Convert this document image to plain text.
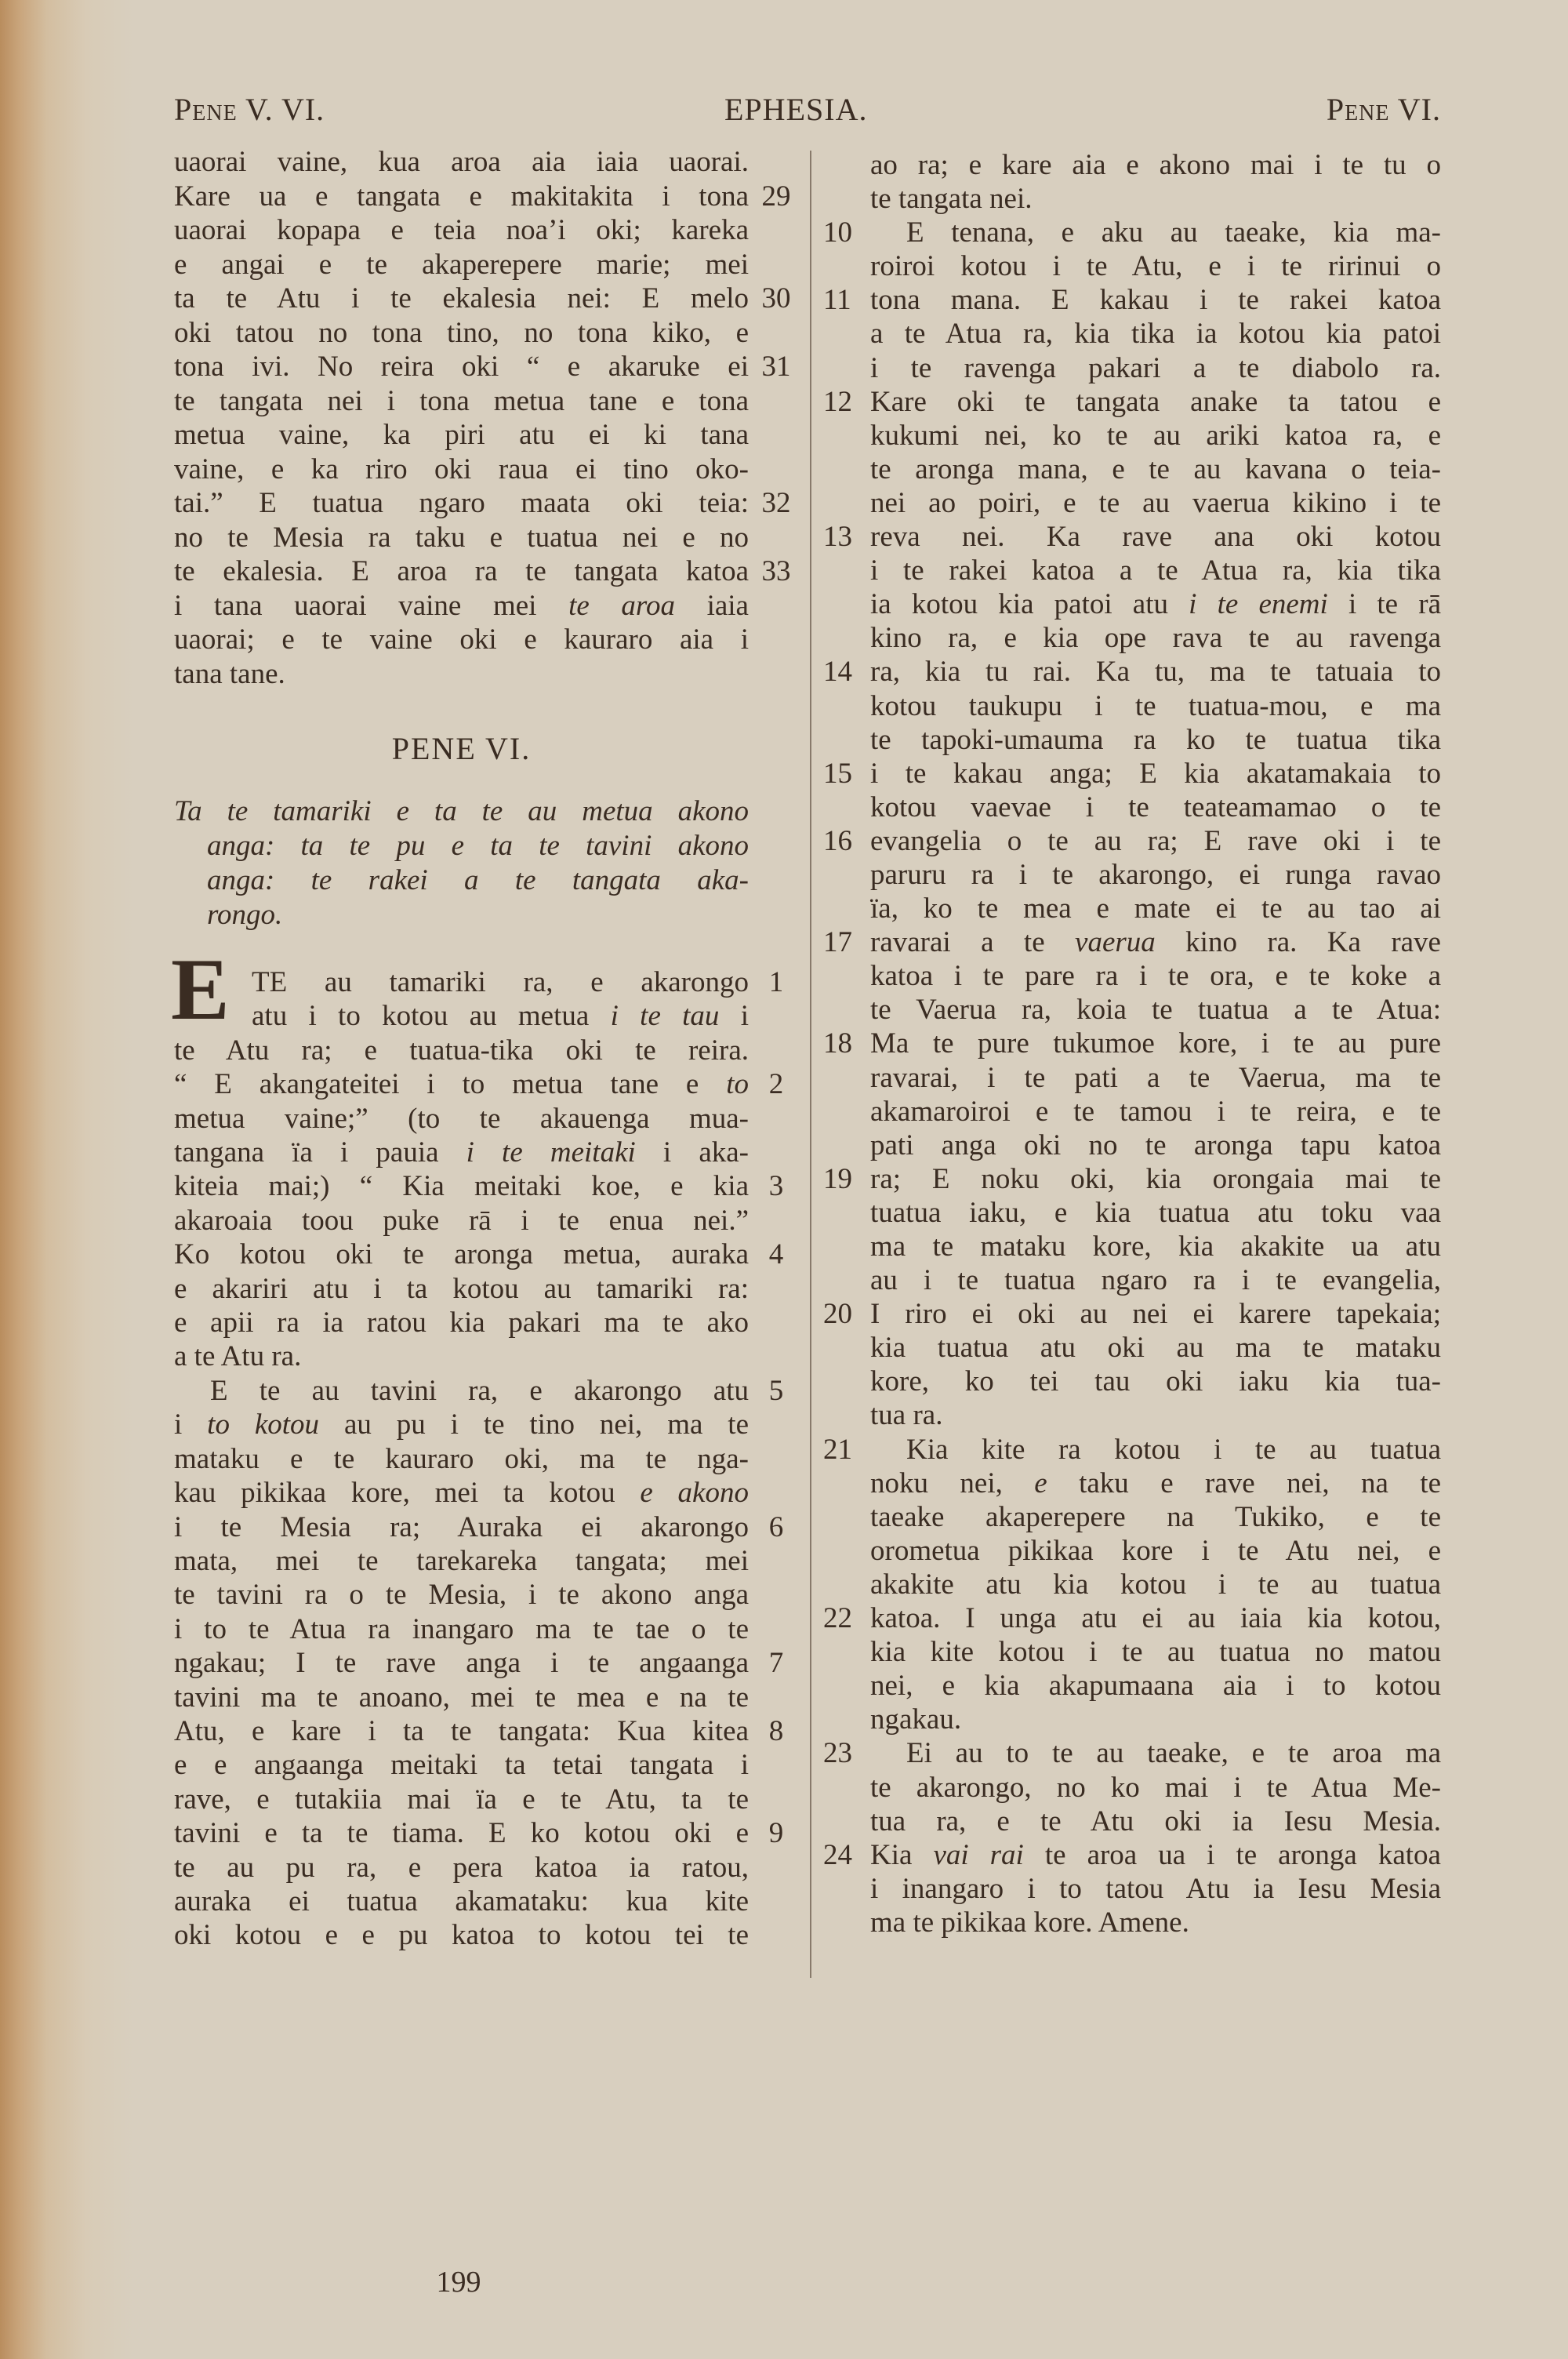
Pene V. VI.	EPHESIA.	Pene VI.
uaorai vaine, kua aroa aia iaia uaorai.
Kare ua e tangata e makitakita i tona 29
uaorai kopapa e teia noa’i oki; kareka
e angai e te akaperepere marie; mei
ta te Atu i te ekalesia nei: E melo 30
oki tatou no tona tino, no tona kiko, e
tona ivi. No reira oki “ e akaruke ei 31
te tangata nei i tona metua tane e tona
metua vaine, ka piri atu ei ki tana
vaine, e ka riro oki raua ei tino oko-
tai.” E tuatua ngaro maata oki teia: 32
no te Mesia ra taku e tuatua nei e no
te ekalesia. E aroa ra te tangata katoa 33
i tana uaorai vaine mei te aroa iaia
uaorai; e te vaine oki e kauraro aia i
tana tane.
PENE VI.
Ta te tamariki e ta te au metua akono
anga: ta te pu e ta te tavini akono
anga: te rakei a te tangata aka-
rongo.
E TE au tamariki ra, e akarongo 1
atu i to kotou au metua i te tau i
te Atu ra; e tuatua-tika oki te reira.
“ E akangateitei i to metua tane e to 2
metua vaine;” (to te akauenga mua-
tangana ïa i pauia i te meitaki i aka-
kiteia mai;) “ Kia meitaki koe, e kia 3
akaroaia toou puke rā i te enua nei.”
Ko kotou oki te aronga metua, auraka 4
e akariri atu i ta kotou au tamariki ra:
e apii ra ia ratou kia pakari ma te ako
a te Atu ra.
E te au tavini ra, e akarongo atu 5
i to kotou au pu i te tino nei, ma te
mataku e te kauraro oki, ma te nga-
kau pikikaa kore, mei ta kotou e akono
i te Mesia ra; Auraka ei akarongo 6
mata, mei te tarekareka tangata; mei
te tavini ra o te Mesia, i te akono anga
i to te Atua ra inangaro ma te tae o te
ngakau; I te rave anga i te angaanga 7
tavini ma te anoano, mei te mea e na te
Atu, e kare i ta te tangata: Kua kitea 8
e e angaanga meitaki ta tetai tangata i
rave, e tutakiia mai ïa e te Atu, ta te
tavini e ta te tiama. E ko kotou oki e 9
te au pu ra, e pera katoa ia ratou,
auraka ei tuatua akamataku: kua kite
oki kotou e e pu katoa to kotou tei te
ao ra; e kare aia e akono mai i te tu o
te tangata nei.
E tenana, e aku au taeake, kia ma-
10
roiroi kotou i te Atu, e i te ririnui o
tona mana. E kakau i te rakei katoa
11
a te Atua ra, kia tika ia kotou kia patoi
i te ravenga pakari a te diabolo ra.
Kare oki te tangata anake ta tatou e
12
kukumi nei, ko te au ariki katoa ra, e
te aronga mana, e te au kavana o teia-
nei ao poiri, e te au vaerua kikino i te
reva nei. Ka rave ana oki kotou
13
i te rakei katoa a te Atua ra, kia tika
ia kotou kia patoi atu i te enemi i te rā
kino ra, e kia ope rava te au ravenga
ra, kia tu rai. Ka tu, ma te tatuaia to
14
kotou taukupu i te tuatua-mou, e ma
te tapoki-umauma ra ko te tuatua tika
i te kakau anga; E kia akatamakaia to
15
kotou vaevae i te teateamamao o te
evangelia o te au ra; E rave oki i te
16
paruru ra i te akarongo, ei runga ravao
ïa, ko te mea e mate ei te au tao ai
ravarai a te vaerua kino ra. Ka rave
17
katoa i te pare ra i te ora, e te koke a
te Vaerua ra, koia te tuatua a te Atua:
Ma te pure tukumoe kore, i te au pure
18
ravarai, i te pati a te Vaerua, ma te
akamaroiroi e te tamou i te reira, e te
pati anga oki no te aronga tapu katoa
ra; E noku oki, kia orongaia mai te
19
tuatua iaku, e kia tuatua atu toku vaa
ma te mataku kore, kia akakite ua atu
au i te tuatua ngaro ra i te evangelia,
I riro ei oki au nei ei karere tapekaia;
20
kia tuatua atu oki au ma te mataku
kore, ko tei tau oki iaku kia tua-
tua ra.
Kia kite ra kotou i te au tuatua
21
noku nei, e taku e rave nei, na te
taeake akaperepere na Tukiko, e te
orometua pikikaa kore i te Atu nei, e
akakite atu kia kotou i te au tuatua
katoa. I unga atu ei au iaia kia kotou,
22
kia kite kotou i te au tuatua no matou
nei, e kia akapumaana aia i to kotou
ngakau.
Ei au to te au taeake, e te aroa ma
23
te akarongo, no ko mai i te Atua Me-
tua ra, e te Atu oki ia Iesu Mesia.
Kia vai rai te aroa ua i te aronga katoa
24
i inangaro i to tatou Atu ia Iesu Mesia
ma te pikikaa kore. Amene.
199
